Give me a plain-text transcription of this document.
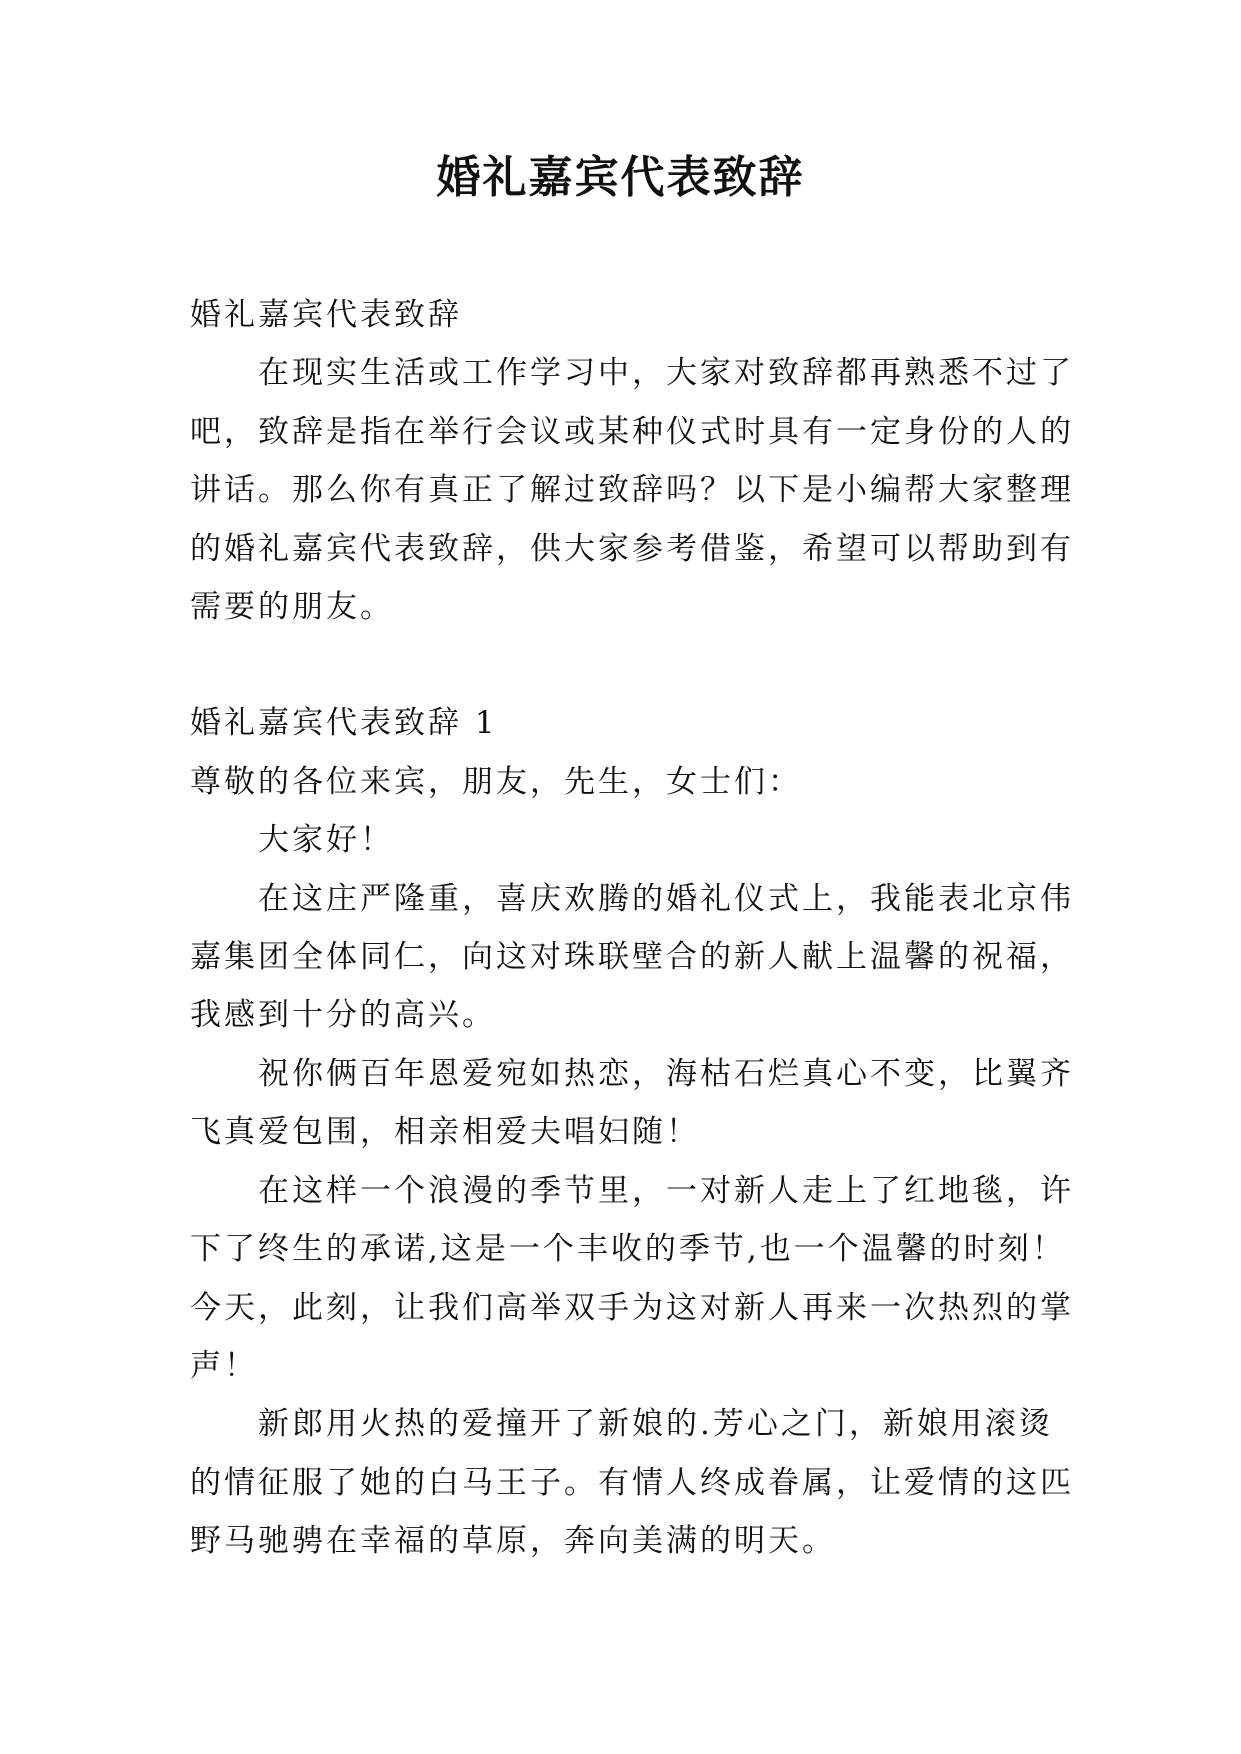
婚礼嘉宾代表致辞

婚礼嘉宾代表致辞

在现实生活或工作学习中，大家对致辞都再熟悉不过了吧，致辞是指在举行会议或某种仪式时具有一定身份的人的讲话。那么你有真正了解过致辞吗？以下是小编帮大家整理的婚礼嘉宾代表致辞，供大家参考借鉴，希望可以帮助到有需要的朋友。

婚礼嘉宾代表致辞 1

尊敬的各位来宾，朋友，先生，女士们：

大家好！

在这庄严隆重，喜庆欢腾的婚礼仪式上，我能表北京伟嘉集团全体同仁，向这对珠联壁合的新人献上温馨的祝福，我感到十分的高兴。

祝你俩百年恩爱宛如热恋，海枯石烂真心不变，比翼齐飞真爱包围，相亲相爱夫唱妇随！

在这样一个浪漫的季节里，一对新人走上了红地毯，许下了终生的承诺,这是一个丰收的季节,也一个温馨的时刻！今天，此刻，让我们高举双手为这对新人再来一次热烈的掌声！

新郎用火热的爱撞开了新娘的.芳心之门，新娘用滚烫的情征服了她的白马王子。有情人终成眷属，让爱情的这匹野马驰骋在幸福的草原，奔向美满的明天。
